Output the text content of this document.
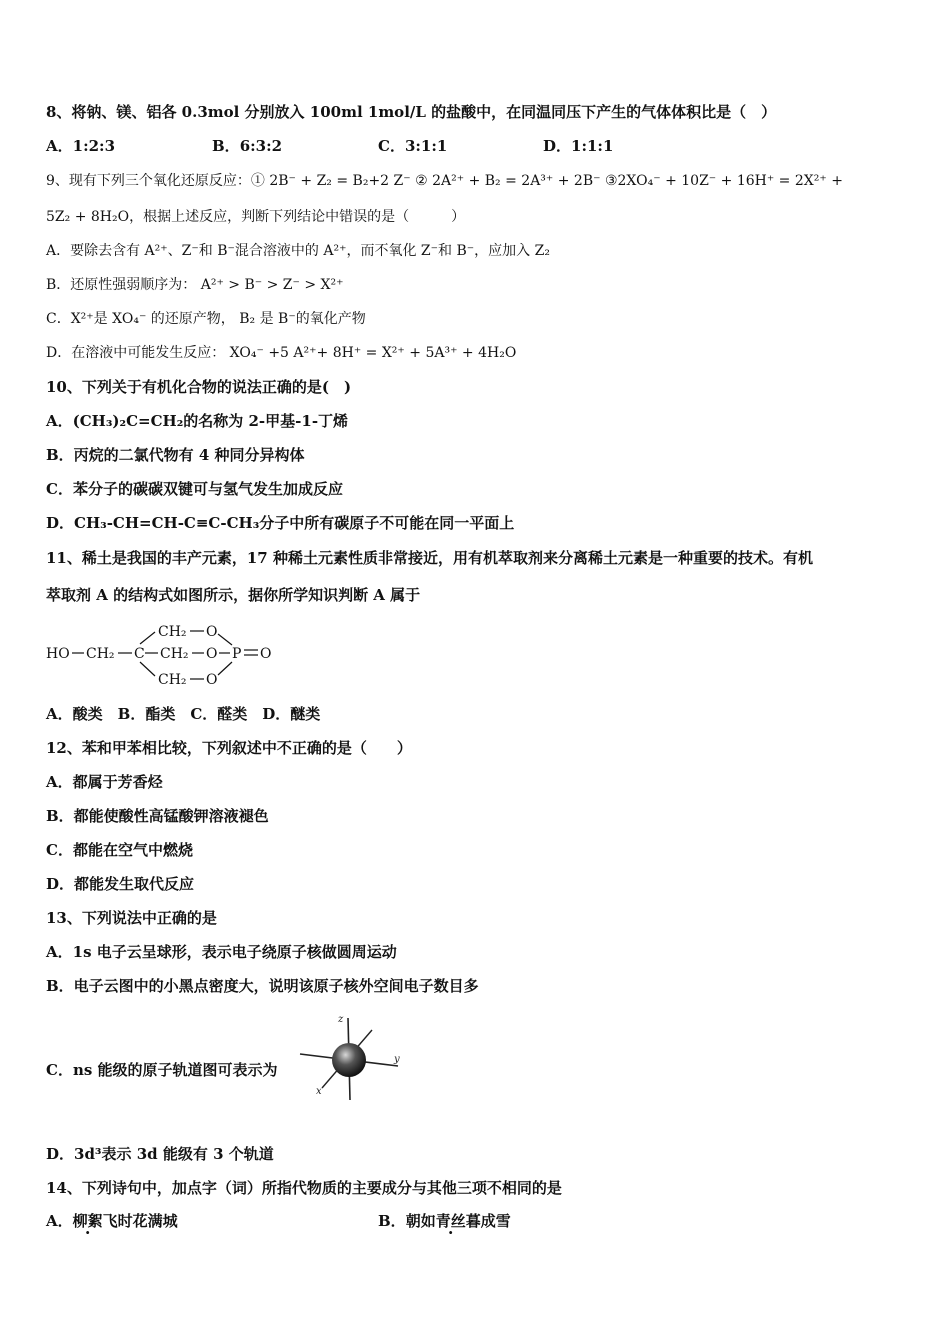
8、将钠、镁、铝各 0.3mol 分别放入 100ml 1mol/L 的盐酸中，在同温同压下产生的气体体积比是（　）
A．1:2:3	B．6:3:2	C．3:1:1	D．1:1:1
9、现有下列三个氧化还原反应：① 2B⁻ + Z₂ = B₂+2 Z⁻ ② 2A²⁺ + B₂ = 2A³⁺ + 2B⁻ ③2XO₄⁻ + 10Z⁻ + 16H⁺ = 2X²⁺ +
5Z₂ + 8H₂O，根据上述反应，判断下列结论中错误的是（　　　）
A．要除去含有 A²⁺、Z⁻和 B⁻混合溶液中的 A²⁺，而不氧化 Z⁻和 B⁻，应加入 Z₂
B．还原性强弱顺序为： A²⁺ > B⁻ > Z⁻ > X²⁺
C．X²⁺是 XO₄⁻ 的还原产物， B₂ 是 B⁻的氧化产物
D．在溶液中可能发生反应： XO₄⁻ +5 A²⁺+ 8H⁺ = X²⁺ + 5A³⁺ + 4H₂O
10、下列关于有机化合物的说法正确的是(　)
A．(CH₃)₂C=CH₂的名称为 2-甲基-1-丁烯
B．丙烷的二氯代物有 4 种同分异构体
C．苯分子的碳碳双键可与氢气发生加成反应
D．CH₃-CH=CH-C≡C-CH₃分子中所有碳原子不可能在同一平面上
11、稀土是我国的丰产元素，17 种稀土元素性质非常接近，用有机萃取剂来分离稀土元素是一种重要的技术。有机
萃取剂 A 的结构式如图所示，据你所学知识判断 A 属于
HO CH₂ C
CH₂ O
CH₂ O P O
CH₂ O
A．酸类　B．酯类　C．醛类　D．醚类
12、苯和甲苯相比较，下列叙述中不正确的是（　　）
A．都属于芳香烃
B．都能使酸性高锰酸钾溶液褪色
C．都能在空气中燃烧
D．都能发生取代反应
13、下列说法中正确的是
A．1s 电子云呈球形，表示电子绕原子核做圆周运动
B．电子云图中的小黑点密度大，说明该原子核外空间电子数目多
C．ns 能级的原子轨道图可表示为
z
y
x
D．3d³表示 3d 能级有 3 个轨道
14、下列诗句中，加点字（词）所指代物质的主要成分与其他三项不相同的是
A．柳絮飞时花满城	B．朝如青丝暮成雪
